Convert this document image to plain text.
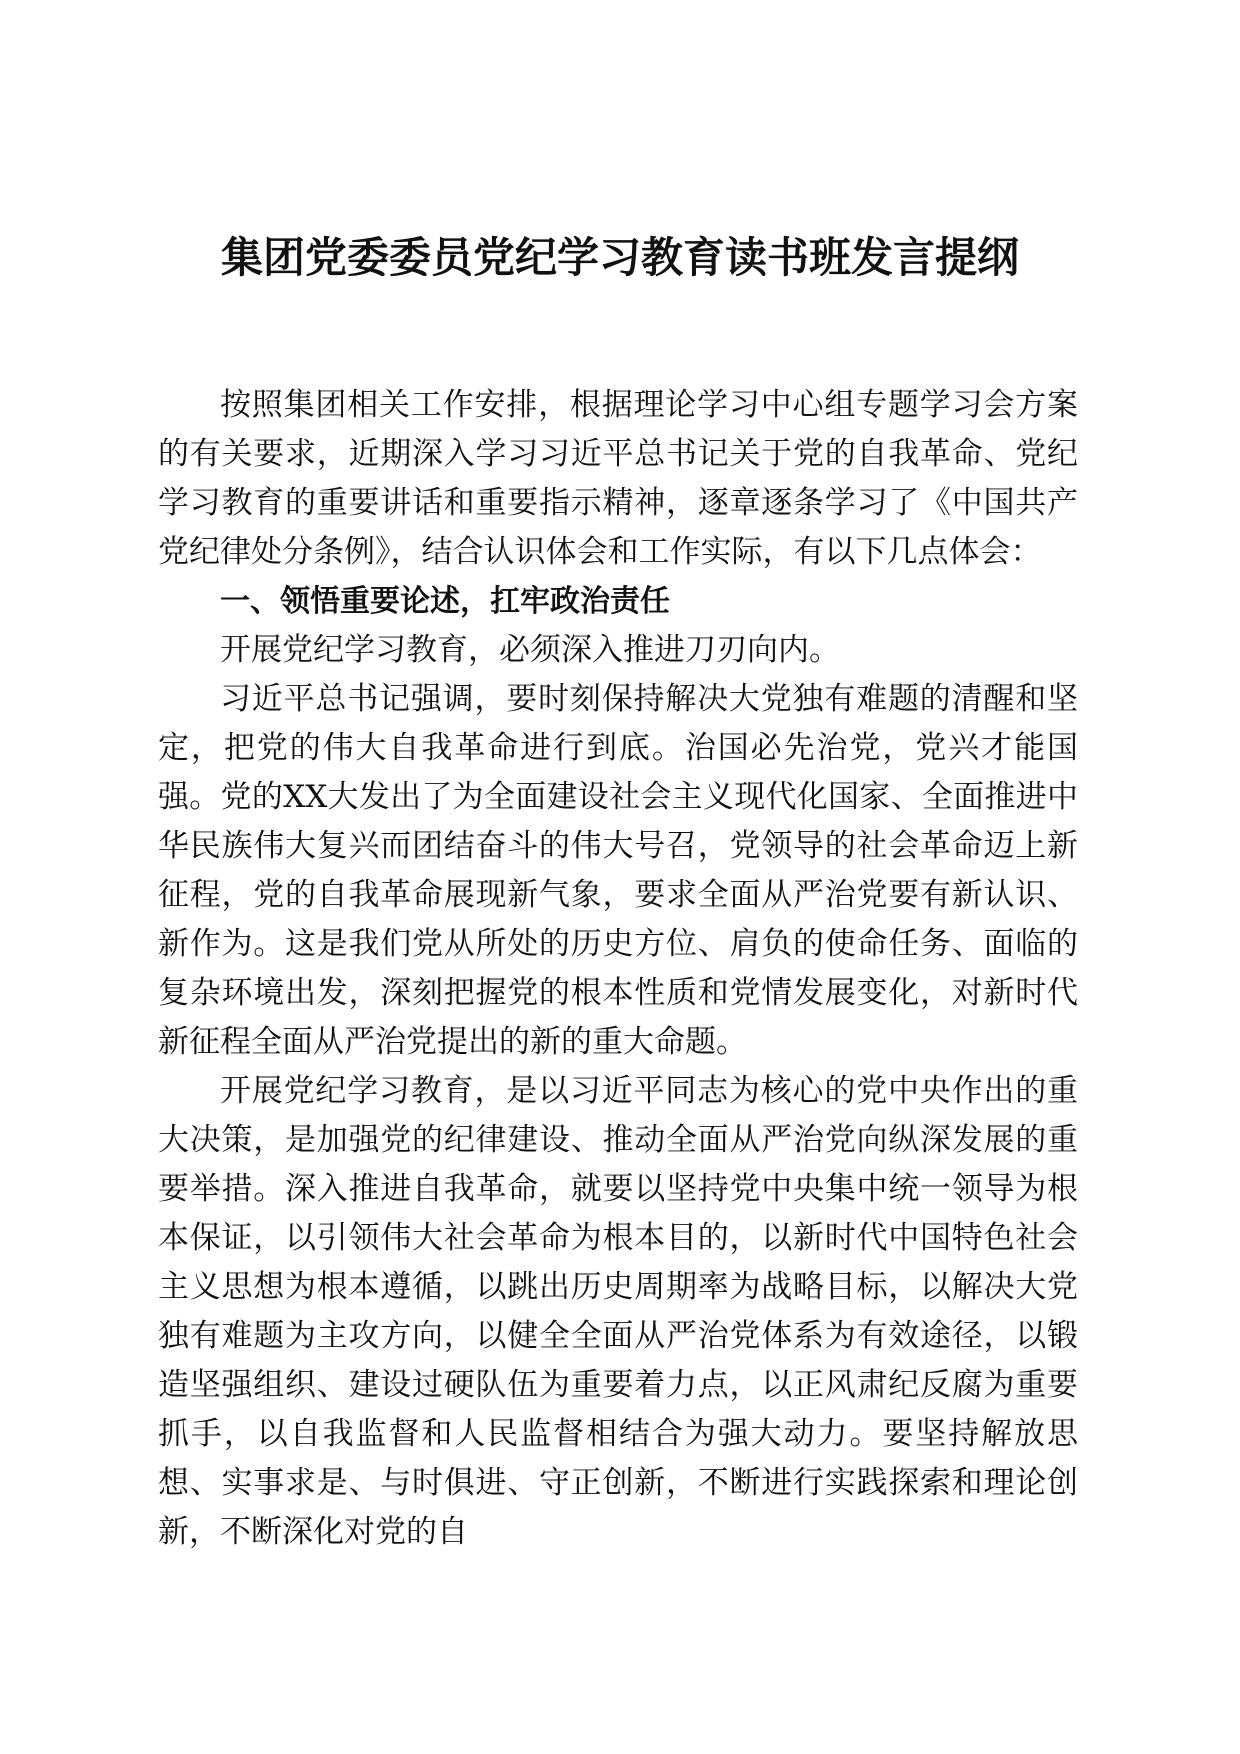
集团党委委员党纪学习教育读书班发言提纲

按照集团相关工作安排，根据理论学习中心组专题学习会方案的有关要求，近期深入学习习近平总书记关于党的自我革命、党纪学习教育的重要讲话和重要指示精神，逐章逐条学习了《中国共产党纪律处分条例》，结合认识体会和工作实际，有以下几点体会：

一、领悟重要论述，扛牢政治责任

开展党纪学习教育，必须深入推进刀刃向内。

习近平总书记强调，要时刻保持解决大党独有难题的清醒和坚定，把党的伟大自我革命进行到底。治国必先治党，党兴才能国强。党的XX大发出了为全面建设社会主义现代化国家、全面推进中华民族伟大复兴而团结奋斗的伟大号召，党领导的社会革命迈上新征程，党的自我革命展现新气象，要求全面从严治党要有新认识、新作为。这是我们党从所处的历史方位、肩负的使命任务、面临的复杂环境出发，深刻把握党的根本性质和党情发展变化，对新时代新征程全面从严治党提出的新的重大命题。

开展党纪学习教育，是以习近平同志为核心的党中央作出的重大决策，是加强党的纪律建设、推动全面从严治党向纵深发展的重要举措。深入推进自我革命，就要以坚持党中央集中统一领导为根本保证，以引领伟大社会革命为根本目的，以新时代中国特色社会主义思想为根本遵循，以跳出历史周期率为战略目标，以解决大党独有难题为主攻方向，以健全全面从严治党体系为有效途径，以锻造坚强组织、建设过硬队伍为重要着力点，以正风肃纪反腐为重要抓手，以自我监督和人民监督相结合为强大动力。要坚持解放思想、实事求是、与时俱进、守正创新，不断进行实践探索和理论创新，不断深化对党的自
